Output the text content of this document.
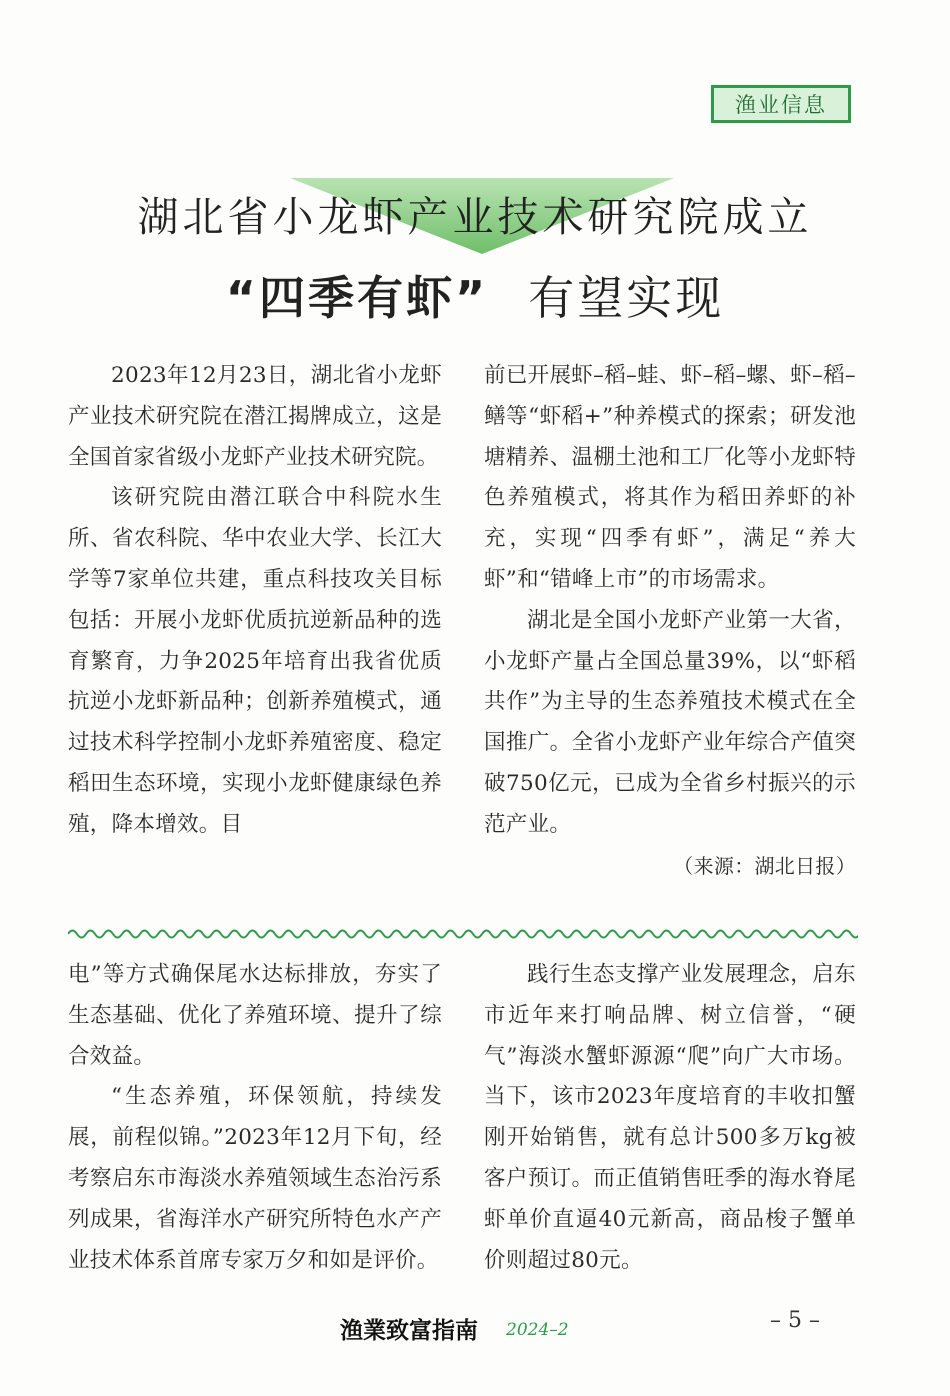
渔业信息
湖北省小龙虾产业技术研究院成立
“四季有虾” 有望实现

2023年12月23日，湖北省小龙虾产业技术研究院在潜江揭牌成立，这是全国首家省级小龙虾产业技术研究院。

该研究院由潜江联合中科院水生所、省农科院、华中农业大学、长江大学等7家单位共建，重点科技攻关目标包括：开展小龙虾优质抗逆新品种的选育繁育，力争2025年培育出我省优质抗逆小龙虾新品种；创新养殖模式，通过技术科学控制小龙虾养殖密度、稳定稻田生态环境，实现小龙虾健康绿色养殖，降本增效。目

前已开展虾–稻–蛙、虾–稻–螺、虾–稻–鳝等“虾稻+”种养模式的探索；研发池塘精养、温棚土池和工厂化等小龙虾特色养殖模式，将其作为稻田养虾的补充，实现“四季有虾”，满足“养大虾”和“错峰上市”的市场需求。

湖北是全国小龙虾产业第一大省，小龙虾产量占全国总量39%，以“虾稻共作”为主导的生态养殖技术模式在全国推广。全省小龙虾产业年综合产值突破750亿元，已成为全省乡村振兴的示范产业。

（来源：湖北日报）

电”等方式确保尾水达标排放，夯实了生态基础、优化了养殖环境、提升了综合效益。

“生态养殖，环保领航，持续发展，前程似锦。”2023年12月下旬，经考察启东市海淡水养殖领域生态治污系列成果，省海洋水产研究所特色水产产业技术体系首席专家万夕和如是评价。

践行生态支撑产业发展理念，启东市近年来打响品牌、树立信誉，“硬气”海淡水蟹虾源源“爬”向广大市场。当下，该市2023年度培育的丰收扣蟹刚开始销售，就有总计500多万kg被客户预订。而正值销售旺季的海水脊尾虾单价直逼40元新高，商品梭子蟹单价则超过80元。

渔業致富指南 2024–2	– 5 –
